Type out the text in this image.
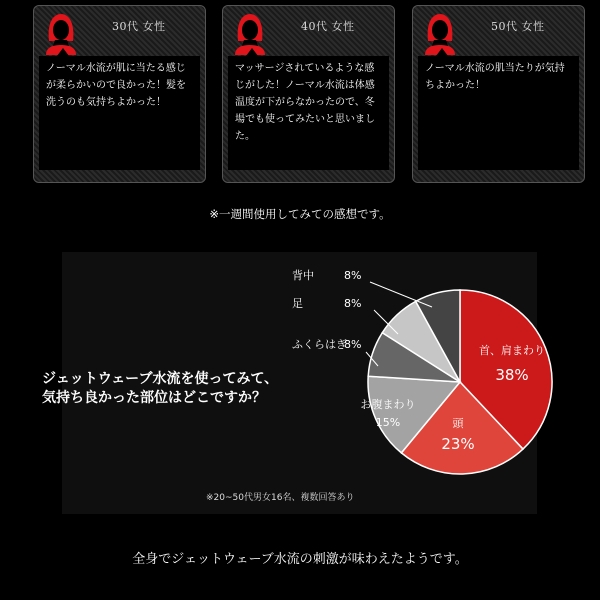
30代 女性
ノーマル水流が肌に当たる感じが柔らかいので良かった！髪を洗うのも気持ちよかった！
40代 女性
マッサージされているような感じがした！ノーマル水流は体感温度が下がらなかったので、冬場でも使ってみたいと思いました。
50代 女性
ノーマル水流の肌当たりが気持ちよかった！
※一週間使用してみての感想です。
ジェットウェーブ水流を使ってみて、
気持ち良かった部位はどこですか？
首、肩まわり
38%
頭
23%
お腹まわり
15%
ふくらはぎ
8%
足	8%
背中	8%
※20~50代男女16名、複数回答あり
全身でジェットウェーブ水流の刺激が味わえたようです。
